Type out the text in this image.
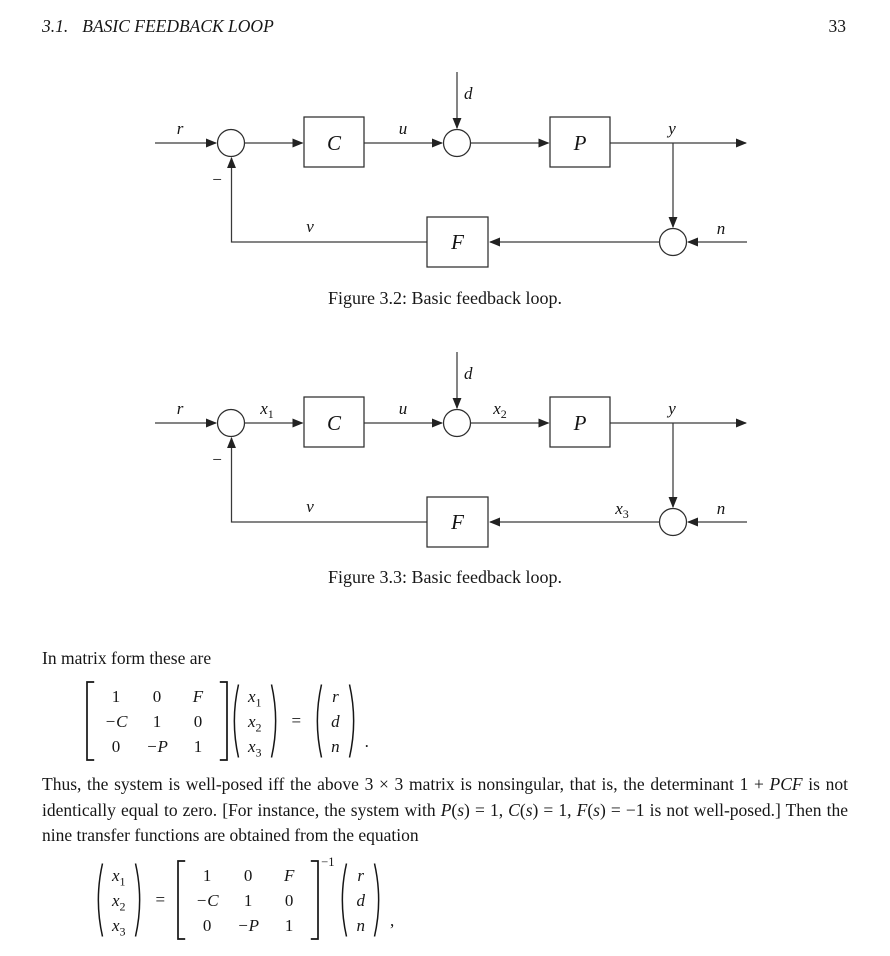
3.1. BASIC FEEDBACK LOOP	33
C	P
F
r	u
d
y
n
v
−
Figure 3.2: Basic feedback loop.
C	P
F
r	$x_1$	u
d
$x_2$	y
n
$x_3$
v
−
Figure 3.3: Basic feedback loop.
In matrix form these are
1	0	F
−C	1	0
0	−P	1
$x_1$
$x_2$
$x_3$
=
r
d
n .
Thus, the system is well-posed iff the above 3 × 3 matrix is nonsingular, that is, the determinant 1 + PCF is not identically equal to zero. [For instance, the system with P(s) = 1, C(s) = 1, F(s) = −1 is not well-posed.] Then the nine transfer functions are obtained from the equation
$x_1$
$x_2$
$x_3$
=
1	0	F
−C	1	0
0	−P	1
−1
r
d
n ,
